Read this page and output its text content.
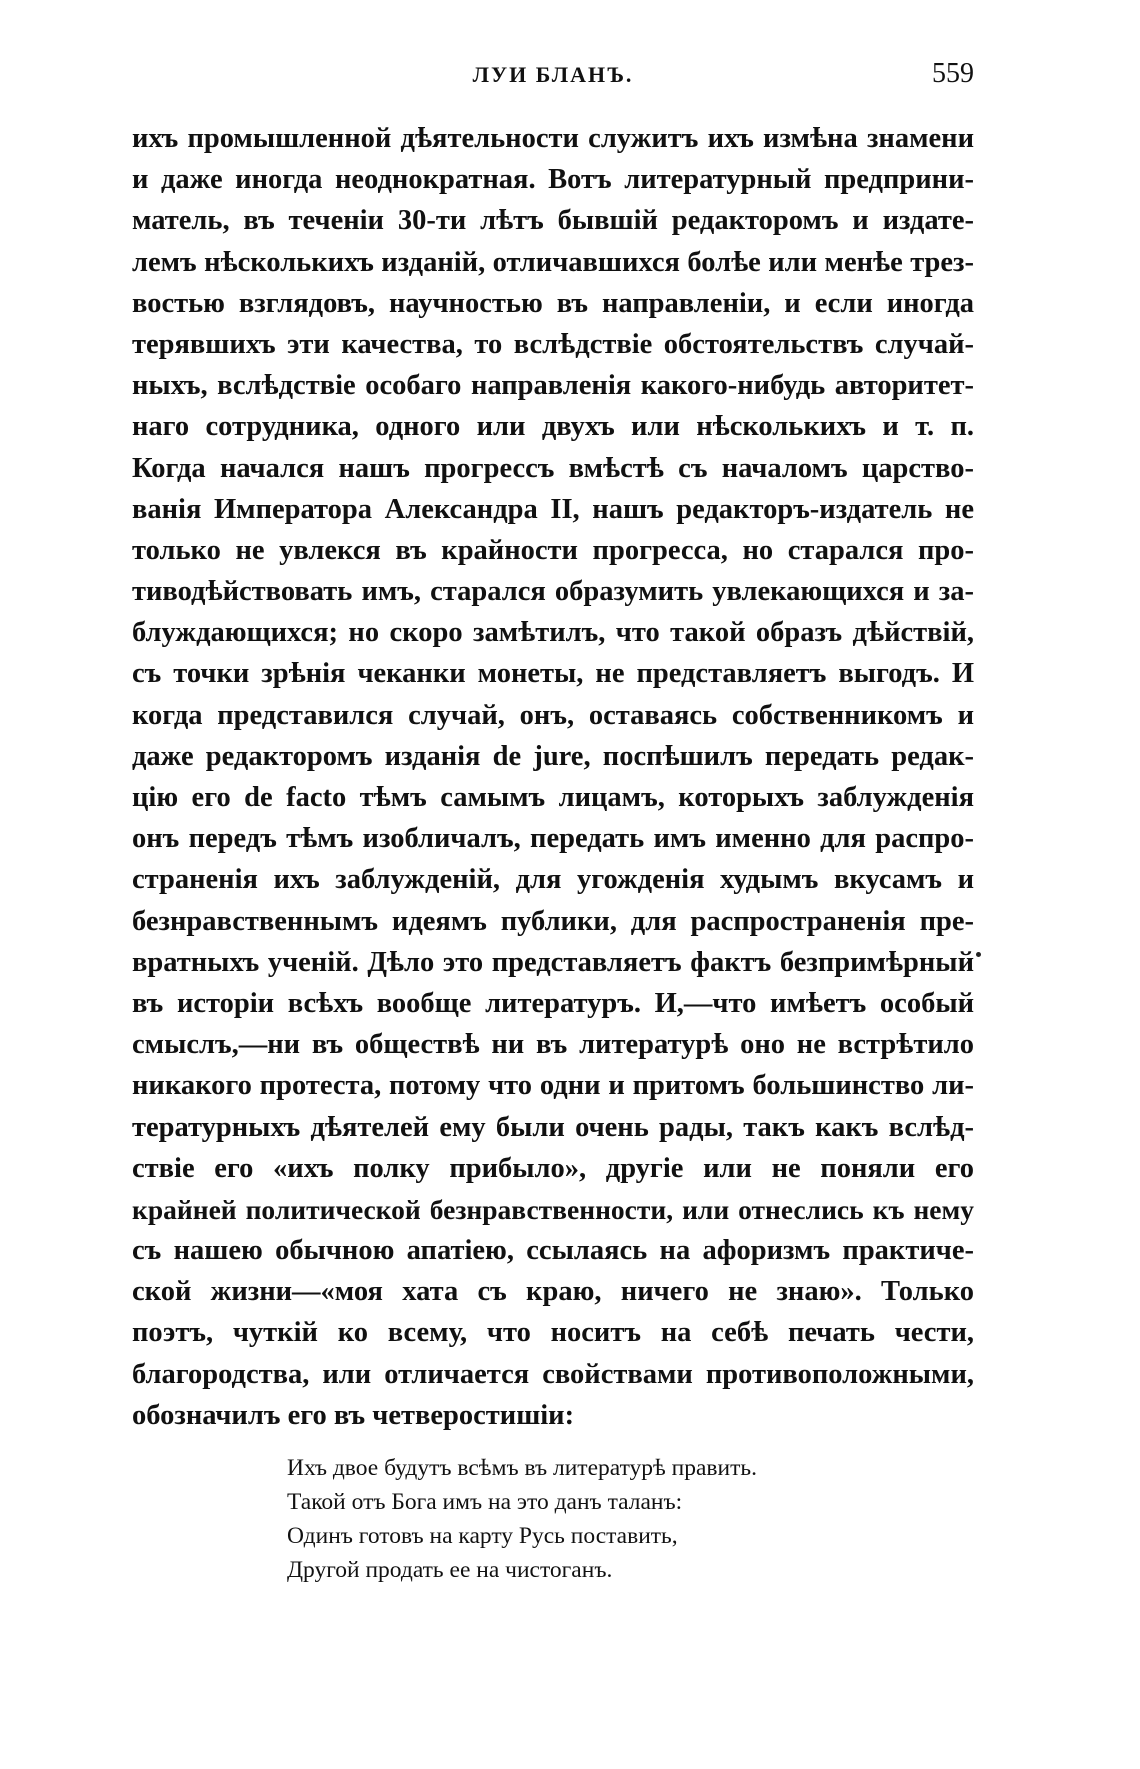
ЛУИ БЛАНЪ.	559
ихъ промышленной дѣятельности служитъ ихъ измѣна знамени
и даже иногда неоднократная. Вотъ литературный предприни-
матель, въ теченіи 30-ти лѣтъ бывшій редакторомъ и издате-
лемъ нѣсколькихъ изданій, отличавшихся болѣе или менѣе трез-
востью взглядовъ, научностью въ направленіи, и если иногда
терявшихъ эти качества, то вслѣдствіе обстоятельствъ случай-
ныхъ, вслѣдствіе особаго направленія какого-нибудь авторитет-
наго сотрудника, одного или двухъ или нѣсколькихъ и т. п.
Когда начался нашъ прогрессъ вмѣстѣ съ началомъ царство-
ванія Императора Александра II, нашъ редакторъ-издатель не
только не увлекся въ крайности прогресса, но старался про-
тиводѣйствовать имъ, старался образумить увлекающихся и за-
блуждающихся; но скоро замѣтилъ, что такой образъ дѣйствій,
съ точки зрѣнія чеканки монеты, не представляетъ выгодъ. И
когда представился случай, онъ, оставаясь собственникомъ и
даже редакторомъ изданія de jure, поспѣшилъ передать редак-
цію его de facto тѣмъ самымъ лицамъ, которыхъ заблужденія
онъ передъ тѣмъ изобличалъ, передать имъ именно для распро-
страненія ихъ заблужденій, для угожденія худымъ вкусамъ и
безнравственнымъ идеямъ публики, для распространенія пре-
вратныхъ ученій. Дѣло это представляетъ фактъ безпримѣрный
въ исторіи всѣхъ вообще литературъ. И,—что имѣетъ особый
смыслъ,—ни въ обществѣ ни въ литературѣ оно не встрѣтило
никакого протеста, потому что одни и притомъ большинство ли-
тературныхъ дѣятелей ему были очень рады, такъ какъ вслѣд-
ствіе его «ихъ полку прибыло», другіе или не поняли его
крайней политической безнравственности, или отнеслись къ нему
съ нашею обычною апатіею, ссылаясь на афоризмъ практиче-
ской жизни—«моя хата съ краю, ничего не знаю». Только
поэтъ, чуткій ко всему, что носитъ на себѣ печать чести,
благородства, или отличается свойствами противоположными,
обозначилъ его въ четверостишіи:
Ихъ двое будутъ всѣмъ въ литературѣ править.
Такой отъ Бога имъ на это данъ таланъ:
Одинъ готовъ на карту Русь поставить,
Другой продать ее на чистоганъ.
